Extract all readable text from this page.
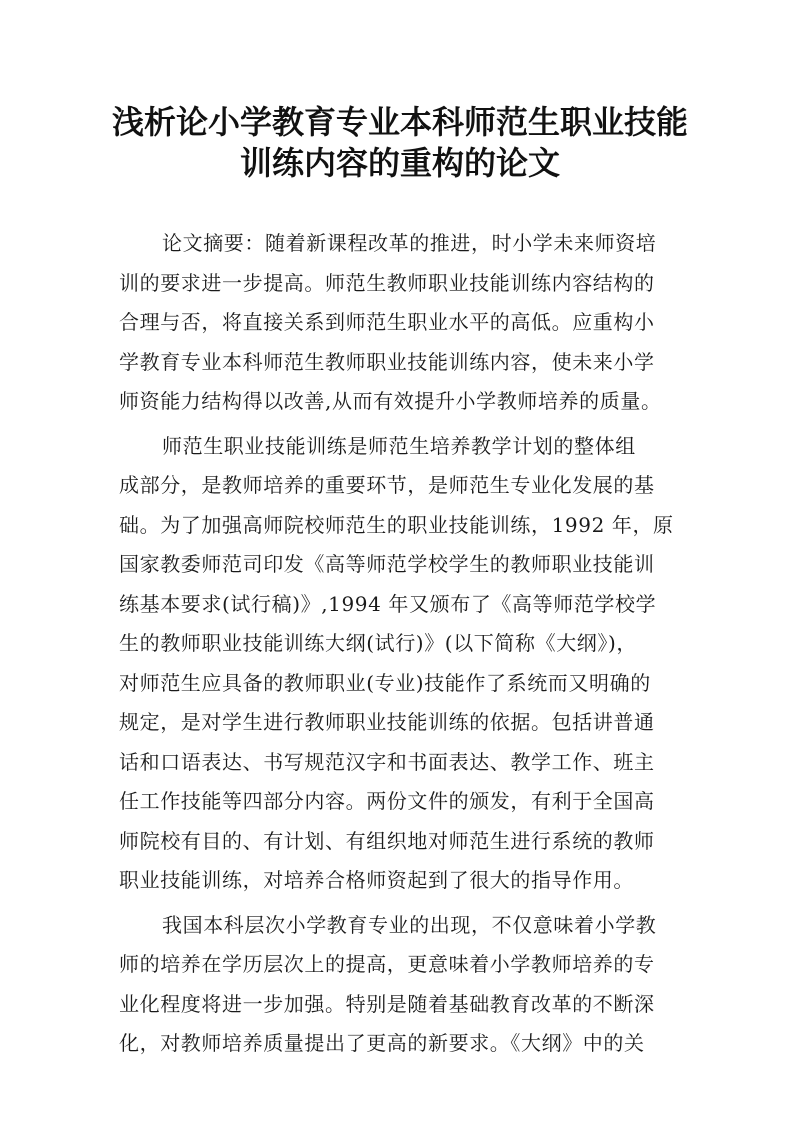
浅析论小学教育专业本科师范生职业技能
训练内容的重构的论文
论文摘要：随着新课程改革的推进，时小学未来师资培
训的要求进一步提高。师范生教师职业技能训练内容结构的
合理与否，将直接关系到师范生职业水平的高低。应重构小
学教育专业本科师范生教师职业技能训练内容，使未来小学
师资能力结构得以改善,从而有效提升小学教师培养的质量。
师范生职业技能训练是师范生培养教学计划的整体组
成部分，是教师培养的重要环节，是师范生专业化发展的基
础。为了加强高师院校师范生的职业技能训练，1992 年，原
国家教委师范司印发《高等师范学校学生的教师职业技能训
练基本要求(试行稿)》,1994 年又颁布了《高等师范学校学
生的教师职业技能训练大纲(试行)》(以下简称《大纲》)，
对师范生应具备的教师职业(专业)技能作了系统而又明确的
规定，是对学生进行教师职业技能训练的依据。包括讲普通
话和口语表达、书写规范汉字和书面表达、教学工作、班主
任工作技能等四部分内容。两份文件的颁发，有利于全国高
师院校有目的、有计划、有组织地对师范生进行系统的教师
职业技能训练，对培养合格师资起到了很大的指导作用。
我国本科层次小学教育专业的出现，不仅意味着小学教
师的培养在学历层次上的提高，更意味着小学教师培养的专
业化程度将进一步加强。特别是随着基础教育改革的不断深
化，对教师培养质量提出了更高的新要求。《大纲》中的关
